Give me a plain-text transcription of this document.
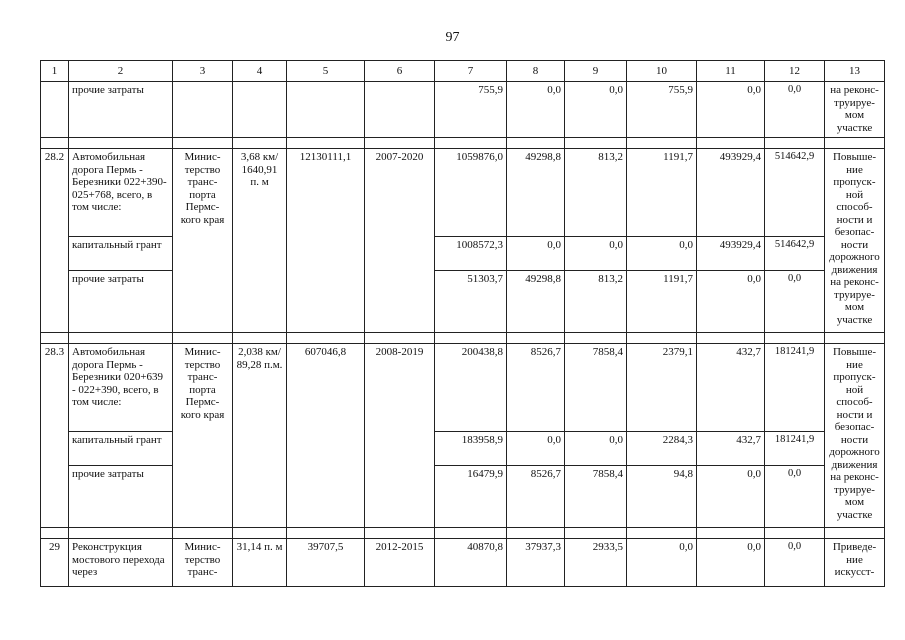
97
1	2	3	4	5	6	7	8	9	10	11	12	13
	прочие затраты					755,9	0,0	0,0	755,9	0,0	0,0	на реконс-труируе-мом участке

28.2	Автомобильная дорога Пермь - Березники 022+390-025+768, всего, в том числе:	Минис-терство транс-порта Пермс-кого края	3,68 км/ 1640,91 п. м	12130111,1	2007-2020	1059876,0	49298,8	813,2	1191,7	493929,4	514642,9	Повыше-ние пропуск-ной способ-ности и безопас-ности дорожного движения на реконс-труируе-мом участке
	капитальный грант					1008572,3	0,0	0,0	0,0	493929,4	514642,9	
	прочие затраты					51303,7	49298,8	813,2	1191,7	0,0	0,0	

28.3	Автомобильная дорога Пермь - Березники 020+639 - 022+390, всего, в том числе:	Минис-терство транс-порта Пермс-кого края	2,038 км/ 89,28 п.м.	607046,8	2008-2019	200438,8	8526,7	7858,4	2379,1	432,7	181241,9	Повыше-ние пропуск-ной способ-ности и безопас-ности дорожного движения на реконс-труируе-мом участке
	капитальный грант					183958,9	0,0	0,0	2284,3	432,7	181241,9	
	прочие затраты					16479,9	8526,7	7858,4	94,8	0,0	0,0	

29	Реконструкция мостового перехода через	Минис-терство транс-	31,14 п. м	39707,5	2012-2015	40870,8	37937,3	2933,5	0,0	0,0	0,0	Приведе-ние искусст-
